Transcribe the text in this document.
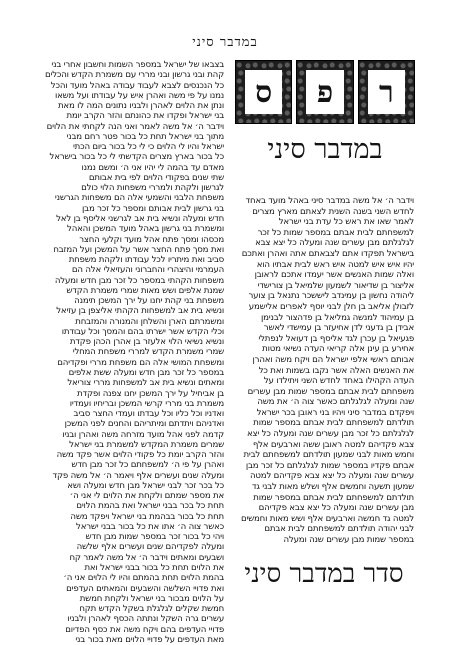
במדבר סיני
בצבאו של ישראל במספר השמות וחשבון אחרי בני
קהת ובני גרשון ובני מררי עם משמרת הקדש והכלים
כל הנכנסים לצבא לעבוד עבודה באהל מועד והכל
נמנו על פי משה ואהרן איש על עבודתו ועל משאו
ונתן את הלוים לאהרן ולבניו נתונים המה לו מאת
בני ישראל ופקדו את כהונתם והזר הקרב יומת
וידבר ה׳ אל משה לאמר ואני הנה לקחתי את הלוים
מתוך בני ישראל תחת כל בכור פטר רחם מבני
ישראל והיו לי הלוים כי לי כל בכור ביום הכתי
כל בכור בארץ מצרים הקדשתי לי כל בכור בישראל
מאדם עד בהמה לי יהיו אני ה׳ ומשם נמנו
שתי שנים בפקודי הלוים לפי בית אבותם
לגרשון ולקהת ולמררי משפחות הלוי כולם
משפחת הלבני והשמעי אלה הם משפחות הגרשני
בני גרשון לבית אבותם ומספר כל זכר מבן
חדש ומעלה ונשיא בית אב לגרשני אליסף בן לאל
ומשמרת בני גרשון באהל מועד המשכן והאהל
מכסהו ומסך פתח אהל מועד וקלעי החצר
ואת מסך פתח החצר אשר על המשכן ועל המזבח
סביב ואת מיתריו לכל עבודתו ולקהת משפחת
העמרמי והיצהרי והחברוני והעזיאלי אלה הם
משפחות הקהתי במספר כל זכר מבן חדש ומעלה
שמנת אלפים ושש מאות שמרי משמרת הקדש
משפחת בני קהת יחנו על ירך המשכן תימנה
ונשיא בית אב למשפחות הקהתי אליצפן בן עזיאל
ומשמרתם הארן והשלחן והמנורה והמזבחת
וכלי הקדש אשר ישרתו בהם והמסך וכל עבודתו
ונשיא נשיאי הלוי אלעזר בן אהרן הכהן פקדת
שמרי משמרת הקדש למררי משפחת המחלי
ומשפחת המושי אלה הם משפחת מררי ופקדיהם
במספר כל זכר מבן חדש ומעלה ששת אלפים
ומאתים ונשיא בית אב למשפחות מררי צוריאל
בן אביחיל על ירך המשכן יחנו צפנה ופקדת
משמרת בני מררי קרשי המשכן ובריחיו ועמדיו
ואדניו וכל כליו וכל עבדתו ועמדי החצר סביב
ואדניהם ויתדתם ומיתריהם והחנים לפני המשכן
קדמה לפני אהל מועד מזרחה משה ואהרן ובניו
שמרים משמרת המקדש למשמרת בני ישראל
והזר הקרב יומת כל פקודי הלוים אשר פקד משה
ואהרן על פי ה׳ למשפחתם כל זכר מבן חדש
ומעלה שנים ועשרים אלף ויאמר ה׳ אל משה פקד
כל בכר זכר לבני ישראל מבן חדש ומעלה ושא
את מספר שמתם ולקחת את הלוים לי אני ה׳
תחת כל בכר בבני ישראל ואת בהמת הלוים
תחת כל בכור בבהמת בני ישראל ויפקד משה
כאשר צוה ה׳ אתו את כל בכור בבני ישראל
ויהי כל בכור זכר במספר שמות מבן חדש
ומעלה לפקדיהם שנים ועשרים אלף שלשה
ושבעים ומאתים וידבר ה׳ אל משה לאמר קח
את הלוים תחת כל בכור בבני ישראל ואת
בהמת הלוים תחת בהמתם והיו לי הלוים אני ה׳
ואת פדויי השלשה והשבעים והמאתים העדפים
על הלוים מבכור בני ישראל ולקחת חמשת
חמשת שקלים לגלגלת בשקל הקדש תקח
עשרים גרה השקל ונתתה הכסף לאהרן ולבניו
פדויי העדפים בהם ויקח משה את כסף הפדיום
מאת העדפים על פדויי הלוים מאת בכור בני
ס	פ	ר
במדבר סיני
וידבר ה׳ אל משה במדבר סיני באהל מועד באחד
לחדש השני בשנה השנית לצאתם מארץ מצרים
לאמר שאו את ראש כל עדת בני ישראל
למשפחתם לבית אבתם במספר שמות כל זכר
לגלגלתם מבן עשרים שנה ומעלה כל יצא צבא
בישראל תפקדו אתם לצבאתם אתה ואהרן ואתכם
יהיו איש איש למטה איש ראש לבית אבתיו הוא
ואלה שמות האנשים אשר יעמדו אתכם לראובן
אליצור בן שדיאור לשמעון שלמיאל בן צורישדי
ליהודה נחשון בן עמינדב ליששכר נתנאל בן צוער
לזבולן אליאב בן חלן לבני יוסף לאפרים אלישמע
בן עמיהוד למנשה גמליאל בן פדהצור לבנימן
אבידן בן גדעני לדן אחיעזר בן עמישדי לאשר
פגעיאל בן עכרן לגד אליסף בן דעואל לנפתלי
אחירע בן עינן אלה קריאי העדה נשיאי מטות
אבותם ראשי אלפי ישראל הם ויקח משה ואהרן
את האנשים האלה אשר נקבו בשמות ואת כל
העדה הקהילו באחד לחדש השני ויתילדו על
משפחתם לבית אבתם במספר שמות מבן עשרים
שנה ומעלה לגלגלתם כאשר צוה ה׳ את משה
ויפקדם במדבר סיני ויהיו בני ראובן בכר ישראל
תולדתם למשפחתם לבית אבתם במספר שמות
לגלגלתם כל זכר מבן עשרים שנה ומעלה כל יצא
צבא פקדיהם למטה ראובן ששה וארבעים אלף
וחמש מאות לבני שמעון תולדתם למשפחתם לבית
אבתם פקדיו במספר שמות לגלגלתם כל זכר מבן
עשרים שנה ומעלה כל יצא צבא פקדיהם למטה
שמעון תשעה וחמשים אלף ושלש מאות לבני גד
תולדתם למשפחתם לבית אבתם במספר שמות
מבן עשרים שנה ומעלה כל יצא צבא פקדיהם
למטה גד חמשה וארבעים אלף ושש מאות וחמשים
לבני יהודה תולדתם למשפחתם לבית אבתם
במספר שמות מבן עשרים שנה ומעלה
סדר במדבר סיני
